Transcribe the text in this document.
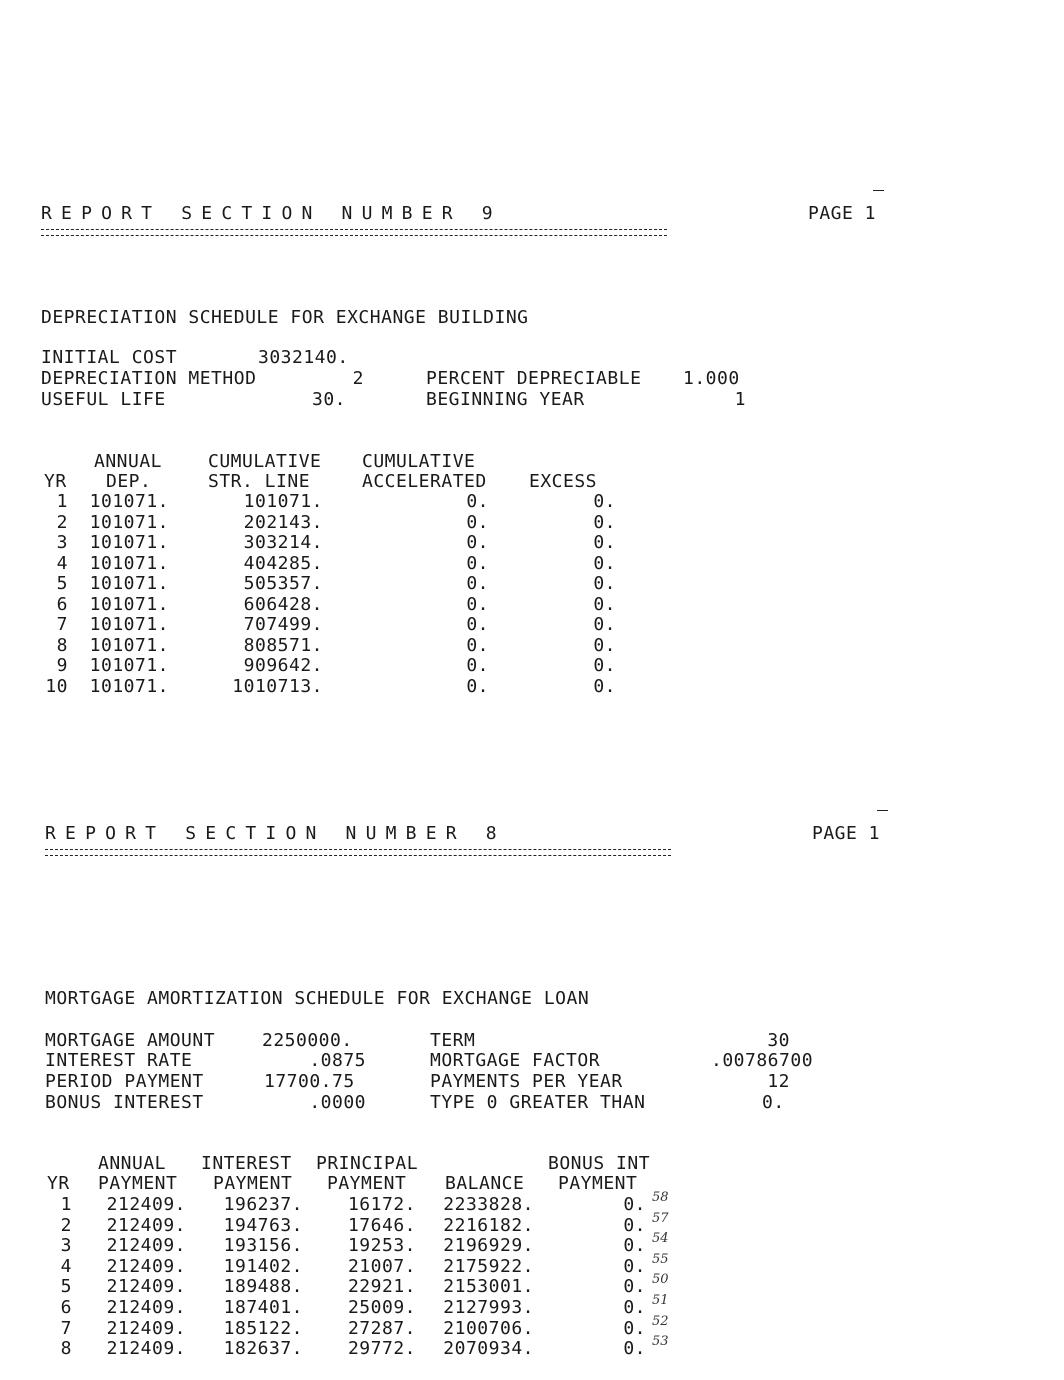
REPORT SECTION NUMBER 9	PAGE 1
DEPRECIATION SCHEDULE FOR EXCHANGE BUILDING
INITIAL COST	3032140.
DEPRECIATION METHOD	2	PERCENT DEPRECIABLE 1.000
USEFUL LIFE	30.	BEGINNING YEAR	1
ANNUAL	CUMULATIVE CUMULATIVE
YR DEP.	STR. LINE	ACCELERATED EXCESS
1	101071.	101071.	0.	0.
2	101071.	202143.	0.	0.
3	101071.	303214.	0.	0.
4	101071.	404285.	0.	0.
5	101071.	505357.	0.	0.
6	101071.	606428.	0.	0.
7	101071.	707499.	0.	0.
8	101071.	808571.	0.	0.
9	101071.	909642.	0.	0.
10	101071.	1010713.	0.	0.
REPORT SECTION NUMBER 8	PAGE 1
MORTGAGE AMORTIZATION SCHEDULE FOR EXCHANGE LOAN
MORTGAGE AMOUNT	2250000.	TERM	30
INTEREST RATE	.0875	MORTGAGE FACTOR	.00786700
PERIOD PAYMENT	17700.75	PAYMENTS PER YEAR	12
BONUS INTEREST	.0000	TYPE 0 GREATER THAN	0.
ANNUAL INTEREST PRINCIPAL	BONUS INT
YR PAYMENT PAYMENT PAYMENT BALANCE PAYMENT
1	212409.	196237.	16172.	2233828.	0. 58
2	212409.	194763.	17646.	2216182.	0. 57
3	212409.	193156.	19253.	2196929.	0. 54
4	212409.	191402.	21007.	2175922.	0. 55
5	212409.	189488.	22921.	2153001.	0. 50
6	212409.	187401.	25009.	2127993.	0. 51
7	212409.	185122.	27287.	2100706.	0. 52
8	212409.	182637.	29772.	2070934.	0. 53
